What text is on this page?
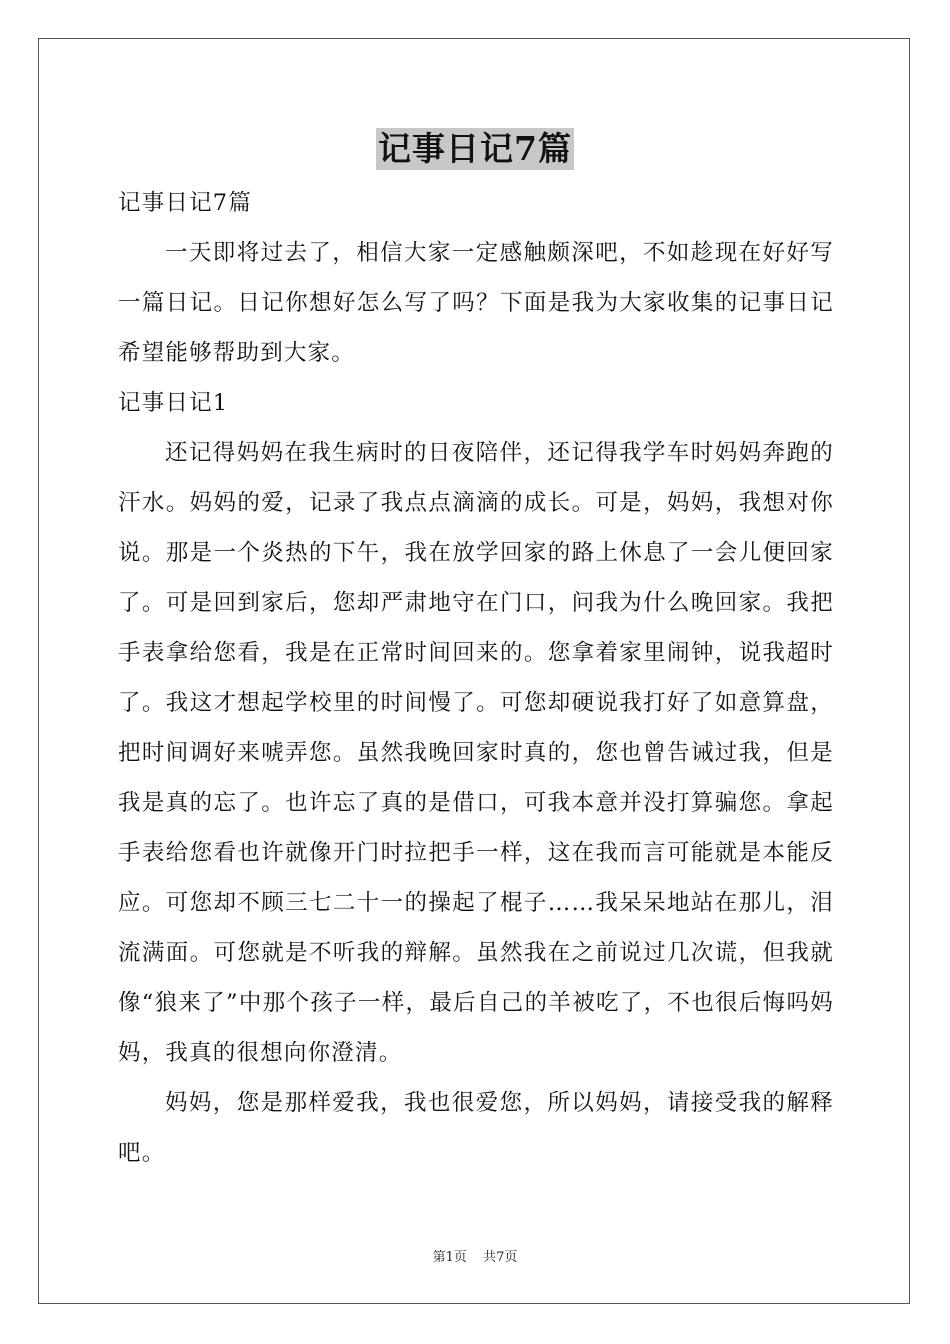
记事日记7篇

记事日记7篇

一天即将过去了，相信大家一定感触颇深吧，不如趁现在好好写一篇日记。日记你想好怎么写了吗？下面是我为大家收集的记事日记希望能够帮助到大家。

记事日记1

还记得妈妈在我生病时的日夜陪伴，还记得我学车时妈妈奔跑的汗水。妈妈的爱，记录了我点点滴滴的成长。可是，妈妈，我想对你说。那是一个炎热的下午，我在放学回家的路上休息了一会儿便回家了。可是回到家后，您却严肃地守在门口，问我为什么晚回家。我把手表拿给您看，我是在正常时间回来的。您拿着家里闹钟，说我超时了。我这才想起学校里的时间慢了。可您却硬说我打好了如意算盘，把时间调好来唬弄您。虽然我晚回家时真的，您也曾告诫过我，但是我是真的忘了。也许忘了真的是借口，可我本意并没打算骗您。拿起手表给您看也许就像开门时拉把手一样，这在我而言可能就是本能反应。可您却不顾三七二十一的操起了棍子……我呆呆地站在那儿，泪流满面。可您就是不听我的辩解。虽然我在之前说过几次谎，但我就像“狼来了”中那个孩子一样，最后自己的羊被吃了，不也很后悔吗妈妈，我真的很想向你澄清。

妈妈，您是那样爱我，我也很爱您，所以妈妈，请接受我的解释吧。

第1页 共7页
